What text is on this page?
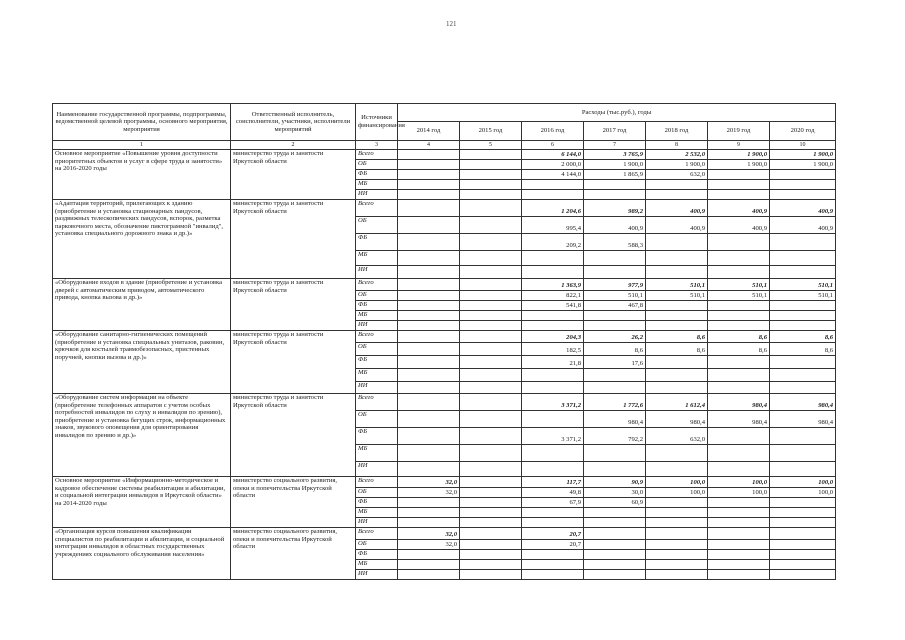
121
Наименование государственной программы, подпрограммы, ведомственной целевой программы, основного мероприятия, мероприятия	Ответственный исполнитель, соисполнители, участники, исполнители мероприятий	Источники финансирования	Расходы (тыс.руб.), годы						
			2014 год	2015 год	2016 год	2017 год	2018 год	2019 год	2020 год
1	2	3	4	5	6	7	8	9	10
Основное мероприятие «Повышение уровня доступности приоритетных объектов и услуг в сфере труда и занятости» на 2016-2020 годы	министерство труда и занятости Иркутской области	Всего			6 144,0	3 765,9	2 532,0	1 900,0	1 900,0
		ОБ			2 000,0	1 900,0	1 900,0	1 900,0	1 900,0
		ФБ			4 144,0	1 865,9	632,0		
		МБ							
		ИИ							
«Адаптация территорий, прилегающих к зданию (приобретение и установка стационарных пандусов, раздвижных телескопических пандусов, вспорок, разметка парковочного места, обозначение пиктограммой "инвалид", установка специального дорожного знака и др.)»	министерство труда и занятости Иркутской области	Всего			1 204,6	989,2	400,9	400,9	400,9
		ОБ			995,4	400,9	400,9	400,9	400,9
		ФБ			209,2	588,3			
		МБ							
		ИИ							
«Оборудование входов в здание (приобретение и установка дверей с автоматическим приводом, автоматического привода, кнопка вызова и др.)»	министерство труда и занятости Иркутской области	Всего			1 363,9	977,9	510,1	510,1	510,1
		ОБ			822,1	510,1	510,1	510,1	510,1
		ФБ			541,8	467,8			
		МБ							
		ИИ							
«Оборудование санитарно-гигиенических помещений (приобретение и установка специальных унитазов, раковин, крючков для костылей травмобезопасных, пристенных поручней, кнопки вызова и др.)»	министерство труда и занятости Иркутской области	Всего			204,3	26,2	8,6	8,6	8,6
		ОБ			182,5	8,6	8,6	8,6	8,6
		ФБ			21,8	17,6			
		МБ							
		ИИ							
«Оборудование систем информации на объекте (приобретение телефонных аппаратов с учетом особых потребностей инвалидов по слуху и инвалидов по зрению), приобретение и установка бегущих строк, информационных знаков, звукового оповещения для ориентирования инвалидов по зрению и др.)»	министерство труда и занятости Иркутской области	Всего			3 371,2	1 772,6	1 612,4	980,4	980,4
		ОБ				980,4	980,4	980,4	980,4
		ФБ			3 371,2	792,2	632,0		
		МБ							
		ИИ							
Основное мероприятие «Информационно-методическое и кадровое обеспечение системы реабилитации и абилитации, и социальной интеграции инвалидов в Иркутской области» на 2014-2020 годы	министерство социального развития, опеки и попечительства Иркутской области	Всего	32,0		117,7	90,9	100,0	100,0	100,0
		ОБ	32,0		49,8	30,0	100,0	100,0	100,0
		ФБ			67,9	60,9			
		МБ							
		ИИ							
«Организация курсов повышения квалификации специалистов по реабилитации и абилитации, и социальной интеграции инвалидов в областных государственных учреждениях социального обслуживания населения»	министерство социального развития, опеки и попечительства Иркутской области	Всего	32,0		20,7				
		ОБ	32,0		20,7				
		ФБ							
		МБ							
		ИИ							
